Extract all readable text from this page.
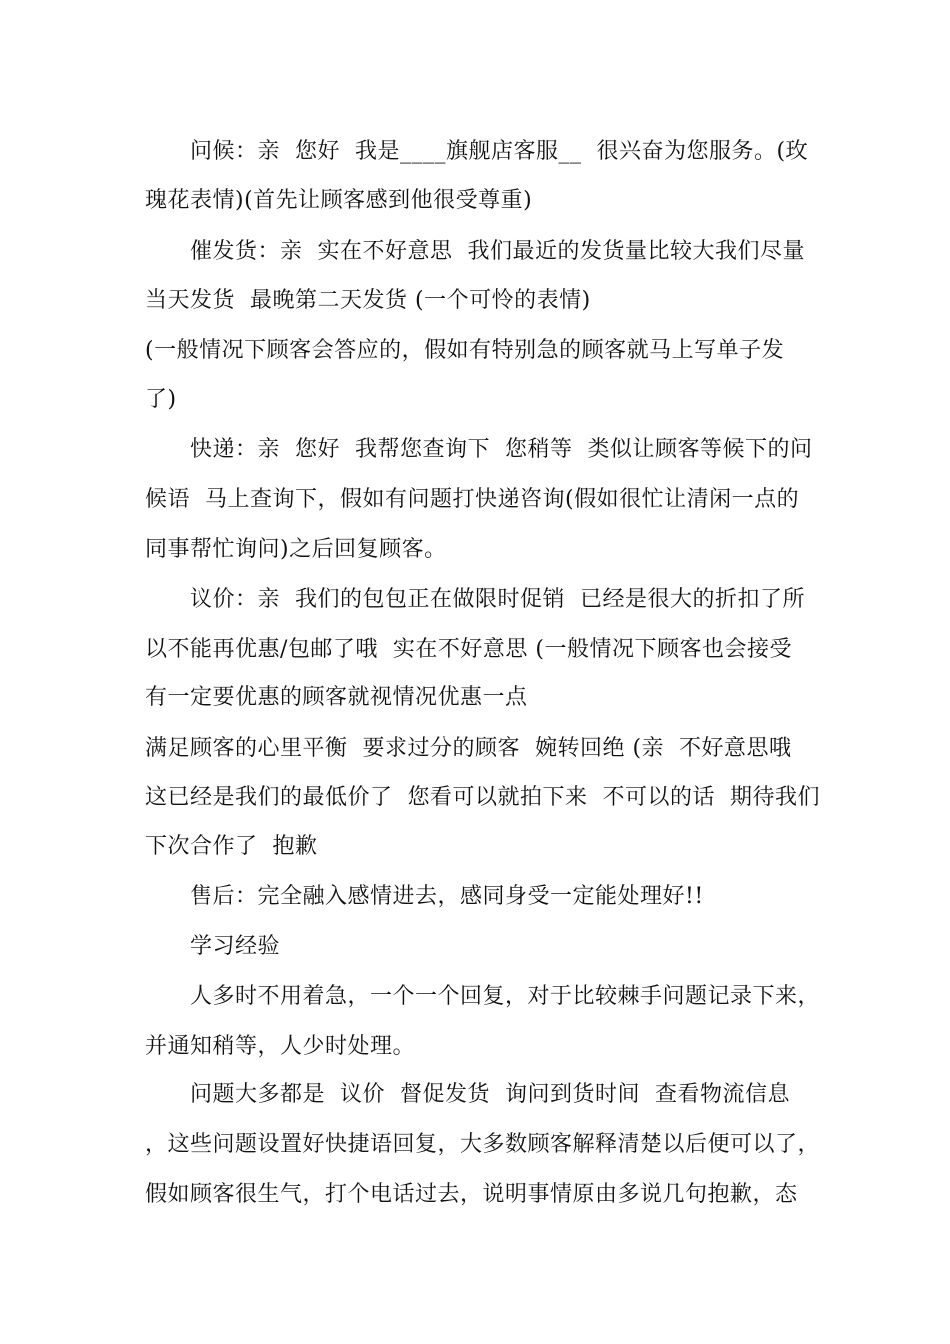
问候：亲  您好  我是____旗舰店客服__  很兴奋为您服务。(玫
瑰花表情)(首先让顾客感到他很受尊重)
催发货：亲  实在不好意思  我们最近的发货量比较大我们尽量
当天发货  最晚第二天发货 (一个可怜的表情)
(一般情况下顾客会答应的，假如有特别急的顾客就马上写单子发
了)
快递：亲  您好  我帮您查询下  您稍等  类似让顾客等候下的问
候语  马上查询下，假如有问题打快递咨询(假如很忙让清闲一点的
同事帮忙询问)之后回复顾客。
议价：亲  我们的包包正在做限时促销  已经是很大的折扣了所
以不能再优惠/包邮了哦  实在不好意思 (一般情况下顾客也会接受
有一定要优惠的顾客就视情况优惠一点
满足顾客的心里平衡  要求过分的顾客  婉转回绝 (亲  不好意思哦
这已经是我们的最低价了  您看可以就拍下来  不可以的话  期待我们
下次合作了  抱歉
售后：完全融入感情进去，感同身受一定能处理好!!
学习经验
人多时不用着急，一个一个回复，对于比较棘手问题记录下来，
并通知稍等，人少时处理。
问题大多都是  议价  督促发货  询问到货时间  查看物流信息
，这些问题设置好快捷语回复，大多数顾客解释清楚以后便可以了，
假如顾客很生气，打个电话过去，说明事情原由多说几句抱歉，态
